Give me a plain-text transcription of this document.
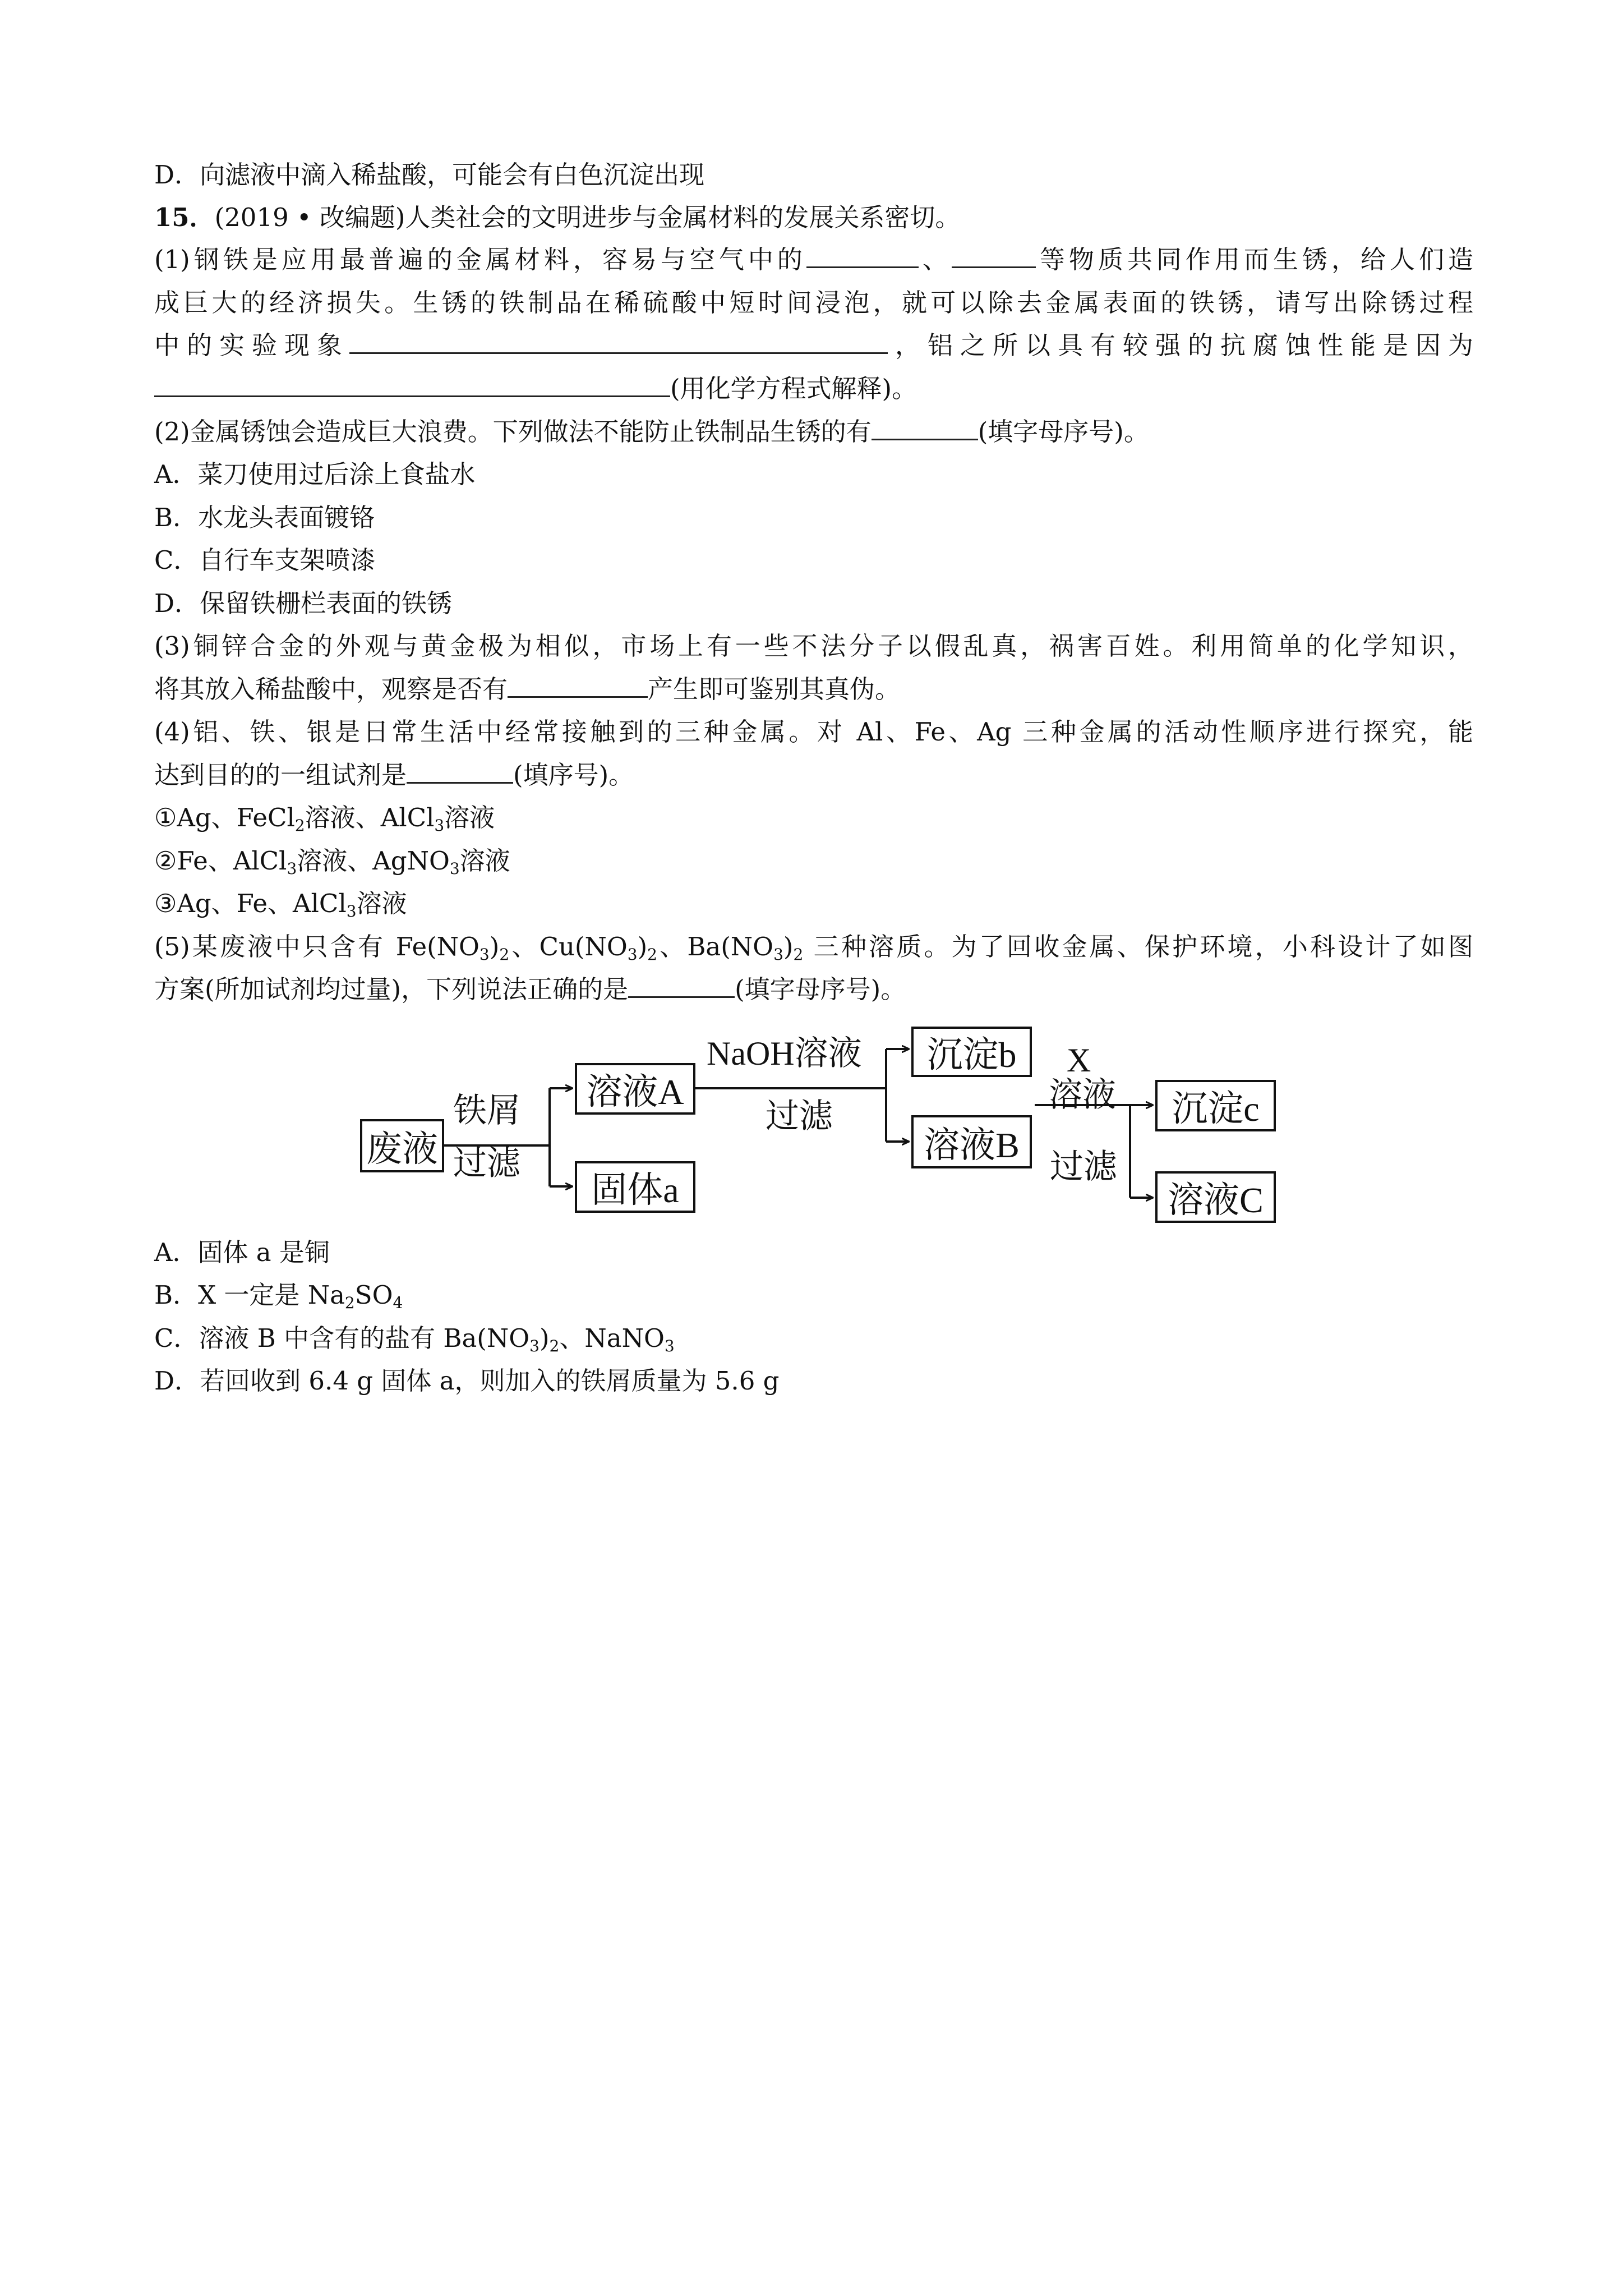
D．向滤液中滴入稀盐酸，可能会有白色沉淀出现
15．(2019 • 改编题)人类社会的文明进步与金属材料的发展关系密切。
(1)钢铁是应用最普遍的金属材料，容易与空气中的	、	等物质共同作用而生锈，给人们造
成巨大的经济损失。生锈的铁制品在稀硫酸中短时间浸泡，就可以除去金属表面的铁锈，请写出除锈过程
中的实验现象	，铝之所以具有较强的抗腐蚀性能是因为
(用化学方程式解释)。
(2)金属锈蚀会造成巨大浪费。下列做法不能防止铁制品生锈的有	(填字母序号)。
A．菜刀使用过后涂上食盐水
B．水龙头表面镀铬
C．自行车支架喷漆
D．保留铁栅栏表面的铁锈
(3)铜锌合金的外观与黄金极为相似，市场上有一些不法分子以假乱真，祸害百姓。利用简单的化学知识，
将其放入稀盐酸中，观察是否有	产生即可鉴别其真伪。
(4)铝、铁、银是日常生活中经常接触到的三种金属。对 Al、Fe、Ag 三种金属的活动性顺序进行探究，能
达到目的的一组试剂是	(填序号)。
①Ag、FeCl$_2$溶液、AlCl$_3$溶液
②Fe、AlCl$_3$溶液、AgNO$_3$溶液
③Ag、Fe、AlCl$_3$溶液
(5)某废液中只含有 $Fe(NO_3)_2$、$Cu(NO_3)_2$、$Ba(NO_3)_2$ 三种溶质。为了回收金属、保护环境，小科设计了如图
方案(所加试剂均过量)，下列说法正确的是	(填字母序号)。
废液
铁屑
过滤
溶液A
固体a
NaOH溶液
过滤
沉淀b
溶液B
X
溶液
过滤
沉淀c
溶液C
A．固体 a 是铜
B．X 一定是 $Na_2SO_4$
C．溶液 B 中含有的盐有 $Ba(NO_3)_2$、NaNO$_3$
D．若回收到 6.4 g 固体 a，则加入的铁屑质量为 5.6 g
